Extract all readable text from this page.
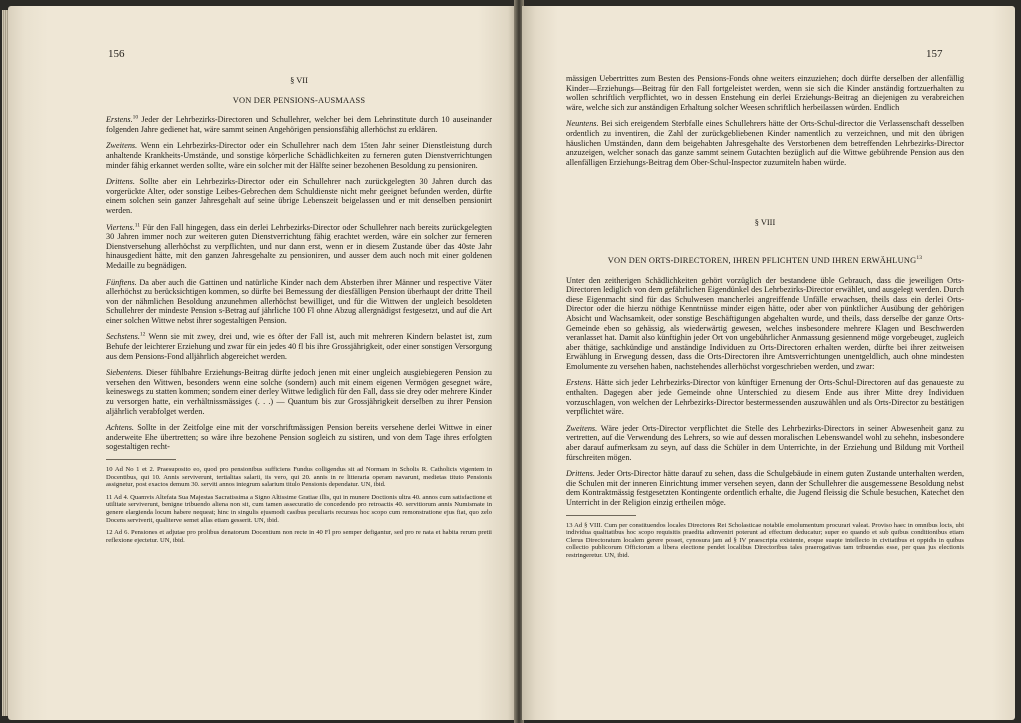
156
§ VII
VON DER PENSIONS-AUSMAASS
Erstens.$^{10}$ Jeder der Lehrbezirks-Directoren und Schullehrer, welcher bei dem Lehrinstitute durch 10 auseinander folgenden Jahre gedienet hat, wäre sammt seinen Angehörigen pensionsfähig allerhöchst zu erklären.
Zweitens. Wenn ein Lehrbezirks-Director oder ein Schullehrer nach dem 15ten Jahr seiner Dienstleistung durch anhaltende Krankheits-Umstände, und sonstige körperliche Schädlichkeiten zu ferneren guten Dienstverrichtungen minder fähig erkannet werden sollte, wäre ein solcher mit der Hälfte seiner bezohenen Besoldung zu pensioniren.
Drittens. Sollte aber ein Lehrbezirks-Director oder ein Schullehrer nach zurückgelegten 30 Jahren durch das vorgerückte Alter, oder sonstige Leibes-Gebrechen dem Schuldienste nicht mehr geeignet befunden werden, dürfte einem solchen sein ganzer Jahresgehalt auf seine übrige Lebenszeit beigelassen und er mit denselben pensionirt werden.
Viertens.$^{11}$ Für den Fall hingegen, dass ein derlei Lehrbezirks-Director oder Schullehrer nach bereits zurückgelegten 30 Jahren immer noch zur weiteren guten Dienstverrichtung fähig erachtet werden, wäre ein solcher zur ferneren Dienstversehung allerhöchst zu verpflichten, und nur dann erst, wenn er in diesem Zustande über das 40ste Jahr hinausgedient hätte, mit den ganzen Jahresgehalte zu pensioniren, und ausser dem auch noch mit einer goldenen Medaille zu begnädigen.
Fünftens. Da aber auch die Gattinen und natürliche Kinder nach dem Absterben ihrer Männer und respective Väter allerhöchst zu berücksichtigen kommen, so dürfte bei Bemessung der diesfälligen Pension überhaupt der dritte Theil von der nähmlichen Besoldung anzunehmen allerhöchst bewilliget, und für die Wittwen der ungleich besoldeten Schullehrer der mindeste Pension s-Betrag auf jährliche 100 Fl ohne Abzug allergnädigst festgesetzt, und auf die Art einer solchen Wittwe nebst ihrer sogestaltigen Pension.
Sechstens.$^{12}$ Wenn sie mit zwey, drei und, wie es öfter der Fall ist, auch mit mehreren Kindern belastet ist, zum Behufe der leichterer Erziehung und zwar für ein jedes 40 fl bis ihre Grossjährigkeit, oder einer sonstigen Versorgung aus dem Pensions-Fond alljährlich abgereichet werden.
Siebentens. Dieser fühlbahre Erziehungs-Beitrag dürfte jedoch jenen mit einer ungleich ausgiebiegeren Pension zu versehen den Wittwen, besonders wenn eine solche (sondern) auch mit einem eigenen Vermögen gesegnet wäre, keineswegs zu statten kommen; sondern einer derley Wittwe lediglich für den Fall, dass sie drey oder mehrere Kinder zu versorgen hatte, ein verhältnissmässiges (. . .) — Quantum bis zur Grossjährigkeit derselben zu ihrer Pension aljährlich verabfolget werden.
Achtens. Sollte in der Zeitfolge eine mit der vorschriftmässigen Pension bereits versehene derlei Wittwe in einer anderweite Ehe übertretten; so wäre ihre bezohene Pension sogleich zu sistiren, und von dem Tage ihres erfolgten sogestaltigen recht-
10 Ad No 1 et 2. Praesuposito eo, quod pro pensionibus sufficiens Fundus colligendus sit ad Normam in Scholis R. Catholicis vigentem in Docentibus, qui 10. Annis serviverunt, tertialitas salarii, iis vero, qui 20. annis in re litteraria operam navarunt, medietas tituto Pensionis assignetur, post exactos demum 30. serviti annos integrum salarium titulo Pensionis dependatur. UN, ibid.
11 Ad 4. Quamvis Altefata Sua Majestas Sacratissima a Signo Altissime Gratiae illis, qui in munere Doctionis ultra 40. annos cum satisfactione et utilitate serviverunt, benigne tribuendo aliena non sit, cum tamen assecuratio de concedendo pro retroactis 40. servitiorum annis Numismate in genere elargienda locum habere nequeat; hinc in singulis ejusmodi casibus peculiaris recursus hoc scopo cum remonstratione ejus fiat, quo zelo Docens serviverit, qualiterve semet allas etiam gesserit. UN, ibid.
12 Ad 6. Pensiones et adjutae pro prolibus denatorum Docentium non recte in 40 Fl pro semper defigantur, sed pro re nata et habita rerum pretii reflexione ejectetur. UN, ibid.
157
mässigen Uebertrittes zum Besten des Pensions-Fonds ohne weiters einzuziehen; doch dürfte derselben der allenfällig Kinder—Erziehungs—Beitrag für den Fall fortgeleistet werden, wenn sie sich die Kinder anständig fortzuerhalten zu wollen schriftlich verpflichtet, wo in dessen Enstehung ein derlei Erziehungs-Beitrag an diejenigen zu verabreichen wäre, welche sich zur anständigen Erhaltung solcher Weesen schriftlich herbeilassen würden. Endlich
Neuntens. Bei sich ereigendem Sterbfalle eines Schullehrers hätte der Orts-Schul-director die Verlassenschaft desselben ordentlich zu inventiren, die Zahl der zurückgebliebenen Kinder namentlich zu verzeichnen, und mit den übrigen häuslichen Umständen, dann dem beigehabten Jahresgehalte des Verstorbenen dem betreffenden Lehrbezirks-Director anzuzeigen, welcher sonach das ganze sammt seinem Gutachten bezüglich auf die Wittwe gebührende Pension aus den allenfälligen Erziehungs-Beitrag dem Ober-Schul-Inspector zuzumiteln haben würde.
§ VIII
VON DEN ORTS-DIRECTOREN, IHREN PFLICHTEN UND IHREN ERWÄHLUNG$^{13}$
Unter den zeitherigen Schädlichkeiten gehört vorzüglich der bestandene üble Gebrauch, dass die jeweiligen Orts-Directoren lediglich von dem gefährlichen Eigendünkel des Lehrbezirks-Director erwählet, und ausgelegt werden. Durch diese Eigenmacht sind für das Schulwesen mancherlei angreiffende Unfälle erwachsen, theils dass ein derlei Orts-Director oder die hierzu nöthige Kenntnüsse minder eigen hätte, oder aber von pünktlicher Ausübung der gehörigen Absicht und Wachsamkeit, oder sonstige Beschäftigungen abgehalten wurde, und theils, dass derselbe der ganze Orts-Gemeinde eben so gehässig, als wiederwärtig gewesen, welches insbesondere mehrere Klagen und Beschwerden veranlasset hat. Damit also künftighin jeder Ort von ungebührlicher Anmassung gesiennend möge vorgebeuget, zugleich aber thätige, sachkündige und anständige Individuen zu Orts-Directoren erhalten werden, dürfte bei ihrer zeitweisen Erwählung in Erwegung dessen, dass die Orts-Directoren ihre Amtsverrichtungen unentgeldlich, auch ohne mindesten Emolumente zu versehen haben, nachstehendes allerhöchst vorgeschrieben werden, und zwar:
Erstens. Hätte sich jeder Lehrbezirks-Director von künftiger Ernenung der Orts-Schul-Directoren auf das genaueste zu enthalten. Dagegen aber jede Gemeinde ohne Unterschied zu diesem Ende aus ihrer Mitte drey Individuen vorzuschlagen, von welchen der Lehrbezirks-Director bestermessenden auszuwählen und als Orts-Director zu bestätigen verpflichtet wäre.
Zweitens. Wäre jeder Orts-Director verpflichtet die Stelle des Lehrbezirks-Directors in seiner Abwesenheit ganz zu vertretten, auf die Verwendung des Lehrers, so wie auf dessen moralischen Lebenswandel wohl zu sehehn, insbesondere aber darauf aufmerksam zu seyn, auf dass die Schüler in dem Unterrichte, in der Erziehung und Bildung mit Vortheil fürschreiten mögen.
Drittens. Jeder Orts-Director hätte darauf zu sehen, dass die Schulgebäude in einem guten Zustande unterhalten werden, die Schulen mit der inneren Einrichtung immer versehen seyen, dann der Schullehrer die ausgemessene Besoldung nebst dem Kontraktmässig festgesetzten Kontingente ordentlich erhalte, die Jugend fleissig die Schule besuchen, Katechet den Unterricht in der Religion einzig ertheilen möge.
13 Ad § VIII. Cum per constituendos locales Directores Rei Scholasticae notabile emolumentum procurari valeat. Proviso haec in omnibus locis, ubi individua qualitatibus hoc scopo requisitis praedita adinveniri poterunt ad effectum deducatur; super eo quando et sub quibus conditionibus etiam Clerus Directoratum localem gerere posset, cynosura jam ad § IV praescripta existente, eoque suapte intellecto in civitatibus et oppidis in quibus collectio publicorum Officiorum a libera electione pendet localibus Directoribus tales praerogativas tam tribuendas esse, per quas jus electionis restringeretur. UN, ibid.
